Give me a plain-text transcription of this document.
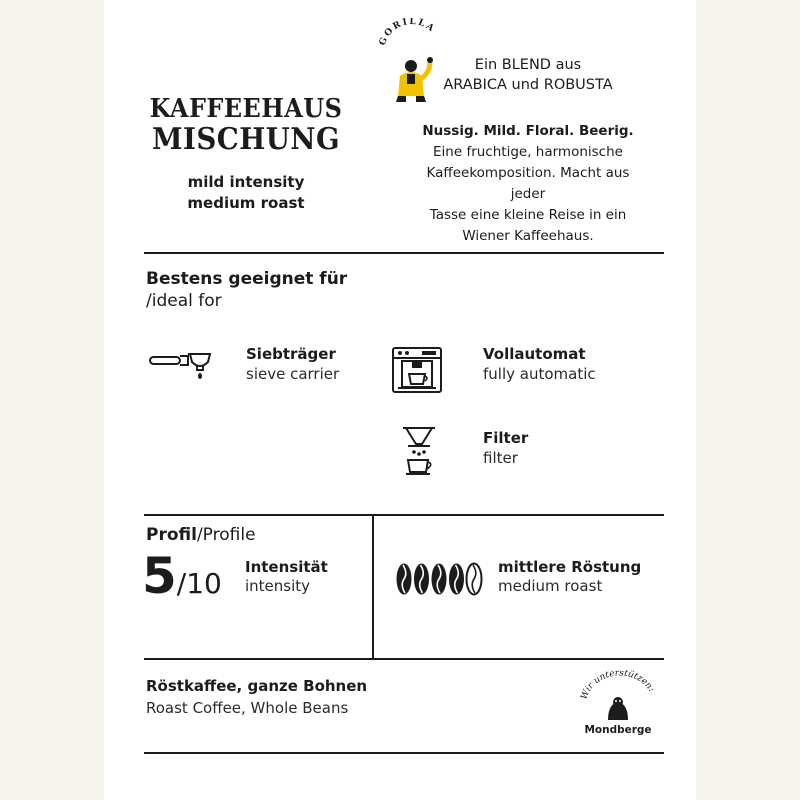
GORILLA
KAFFEEHAUS
MISCHUNG
mild intensity
medium roast
Ein BLEND aus
ARABICA und ROBUSTA
Nussig. Mild. Floral. Beerig.
Eine fruchtige, harmonische
Kaffeekomposition. Macht aus jeder
Tasse eine kleine Reise in ein
Wiener Kaffeehaus.
Bestens geeignet für
/ideal for
Siebträger
sieve carrier
Vollautomat
fully automatic
Filter
filter
Profil/Profile
5/10 Intensität
intensity
mittlere Röstung
medium roast
Röstkaffee, ganze Bohnen
Roast Coffee, Whole Beans
Wir unterstützen:
Mondberge
